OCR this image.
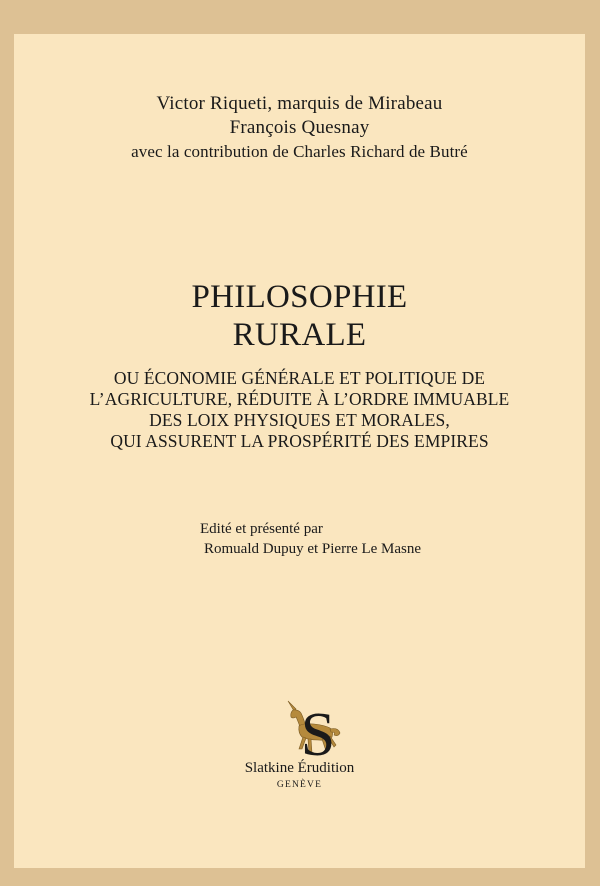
Victor Riqueti, marquis de Mirabeau
François Quesnay
avec la contribution de Charles Richard de Butré
PHILOSOPHIE
RURALE
OU ÉCONOMIE GÉNÉRALE ET POLITIQUE DE
L’AGRICULTURE, RÉDUITE À L’ORDRE IMMUABLE
DES LOIX PHYSIQUES ET MORALES,
QUI ASSURENT LA PROSPÉRITÉ DES EMPIRES
Edité et présenté par
Romuald Dupuy et Pierre Le Masne
S
Slatkine Érudition
GENÈVE
